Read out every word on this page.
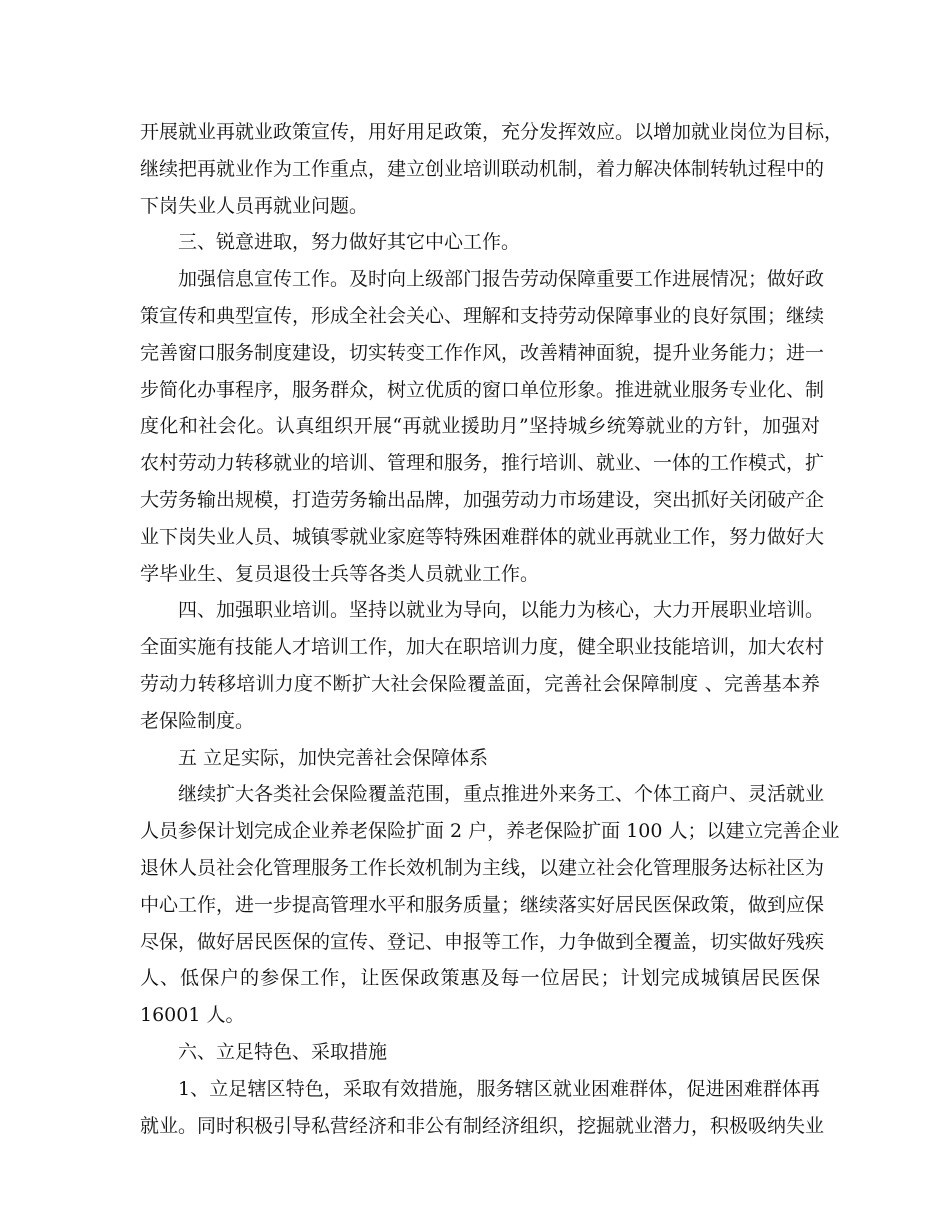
开展就业再就业政策宣传，用好用足政策，充分发挥效应。以增加就业岗位为目标，
继续把再就业作为工作重点，建立创业培训联动机制，着力解决体制转轨过程中的
下岗失业人员再就业问题。
三、锐意进取，努力做好其它中心工作。
加强信息宣传工作。及时向上级部门报告劳动保障重要工作进展情况；做好政
策宣传和典型宣传，形成全社会关心、理解和支持劳动保障事业的良好氛围；继续
完善窗口服务制度建设，切实转变工作作风，改善精神面貌，提升业务能力；进一
步简化办事程序，服务群众，树立优质的窗口单位形象。推进就业服务专业化、制
度化和社会化。认真组织开展“再就业援助月”坚持城乡统筹就业的方针，加强对
农村劳动力转移就业的培训、管理和服务，推行培训、就业、一体的工作模式，扩
大劳务输出规模，打造劳务输出品牌，加强劳动力市场建设，突出抓好关闭破产企
业下岗失业人员、城镇零就业家庭等特殊困难群体的就业再就业工作，努力做好大
学毕业生、复员退役士兵等各类人员就业工作。
四、加强职业培训。坚持以就业为导向，以能力为核心，大力开展职业培训。
全面实施有技能人才培训工作，加大在职培训力度，健全职业技能培训，加大农村
劳动力转移培训力度不断扩大社会保险覆盖面，完善社会保障制度 、完善基本养
老保险制度。
五 立足实际，加快完善社会保障体系
继续扩大各类社会保险覆盖范围，重点推进外来务工、个体工商户、灵活就业
人员参保计划完成企业养老保险扩面 2 户，养老保险扩面 100 人；以建立完善企业
退休人员社会化管理服务工作长效机制为主线，以建立社会化管理服务达标社区为
中心工作，进一步提高管理水平和服务质量；继续落实好居民医保政策，做到应保
尽保，做好居民医保的宣传、登记、申报等工作，力争做到全覆盖，切实做好残疾
人、低保户的参保工作，让医保政策惠及每一位居民；计划完成城镇居民医保
16001 人。
六、立足特色、采取措施
1、立足辖区特色，采取有效措施，服务辖区就业困难群体，促进困难群体再
就业。同时积极引导私营经济和非公有制经济组织，挖掘就业潜力，积极吸纳失业
